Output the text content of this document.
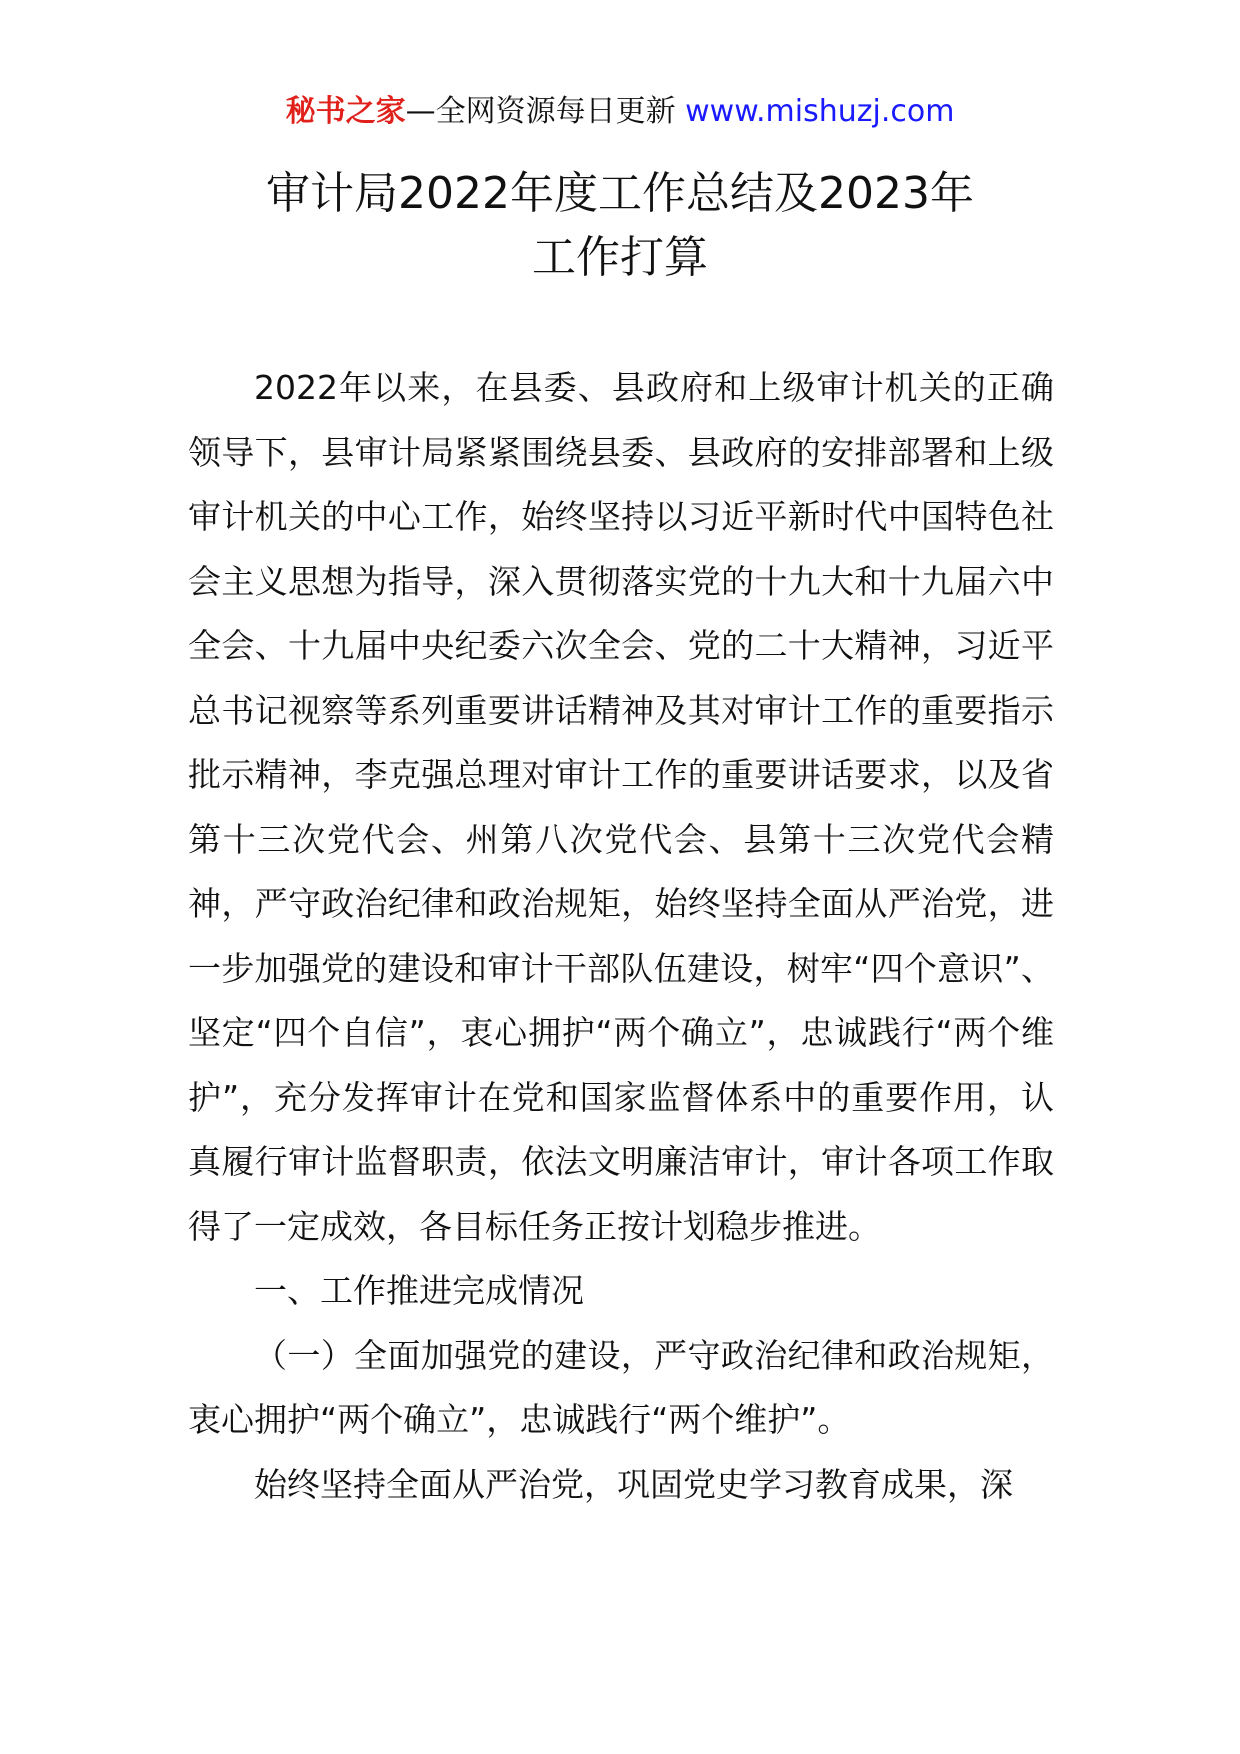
秘书之家—全网资源每日更新 www.mishuzj.com
审计局2022年度工作总结及2023年
工作打算

2022年以来，在县委、县政府和上级审计机关的正确领导下，县审计局紧紧围绕县委、县政府的安排部署和上级审计机关的中心工作，始终坚持以习近平新时代中国特色社会主义思想为指导，深入贯彻落实党的十九大和十九届六中全会、十九届中央纪委六次全会、党的二十大精神，习近平总书记视察等系列重要讲话精神及其对审计工作的重要指示批示精神，李克强总理对审计工作的重要讲话要求，以及省第十三次党代会、州第八次党代会、县第十三次党代会精神，严守政治纪律和政治规矩，始终坚持全面从严治党，进一步加强党的建设和审计干部队伍建设，树牢“四个意识”、坚定“四个自信”，衷心拥护“两个确立”，忠诚践行“两个维护”，充分发挥审计在党和国家监督体系中的重要作用，认真履行审计监督职责，依法文明廉洁审计，审计各项工作取得了一定成效，各目标任务正按计划稳步推进。

一、工作推进完成情况

（一）全面加强党的建设，严守政治纪律和政治规矩，衷心拥护“两个确立”，忠诚践行“两个维护”。

始终坚持全面从严治党，巩固党史学习教育成果，深
